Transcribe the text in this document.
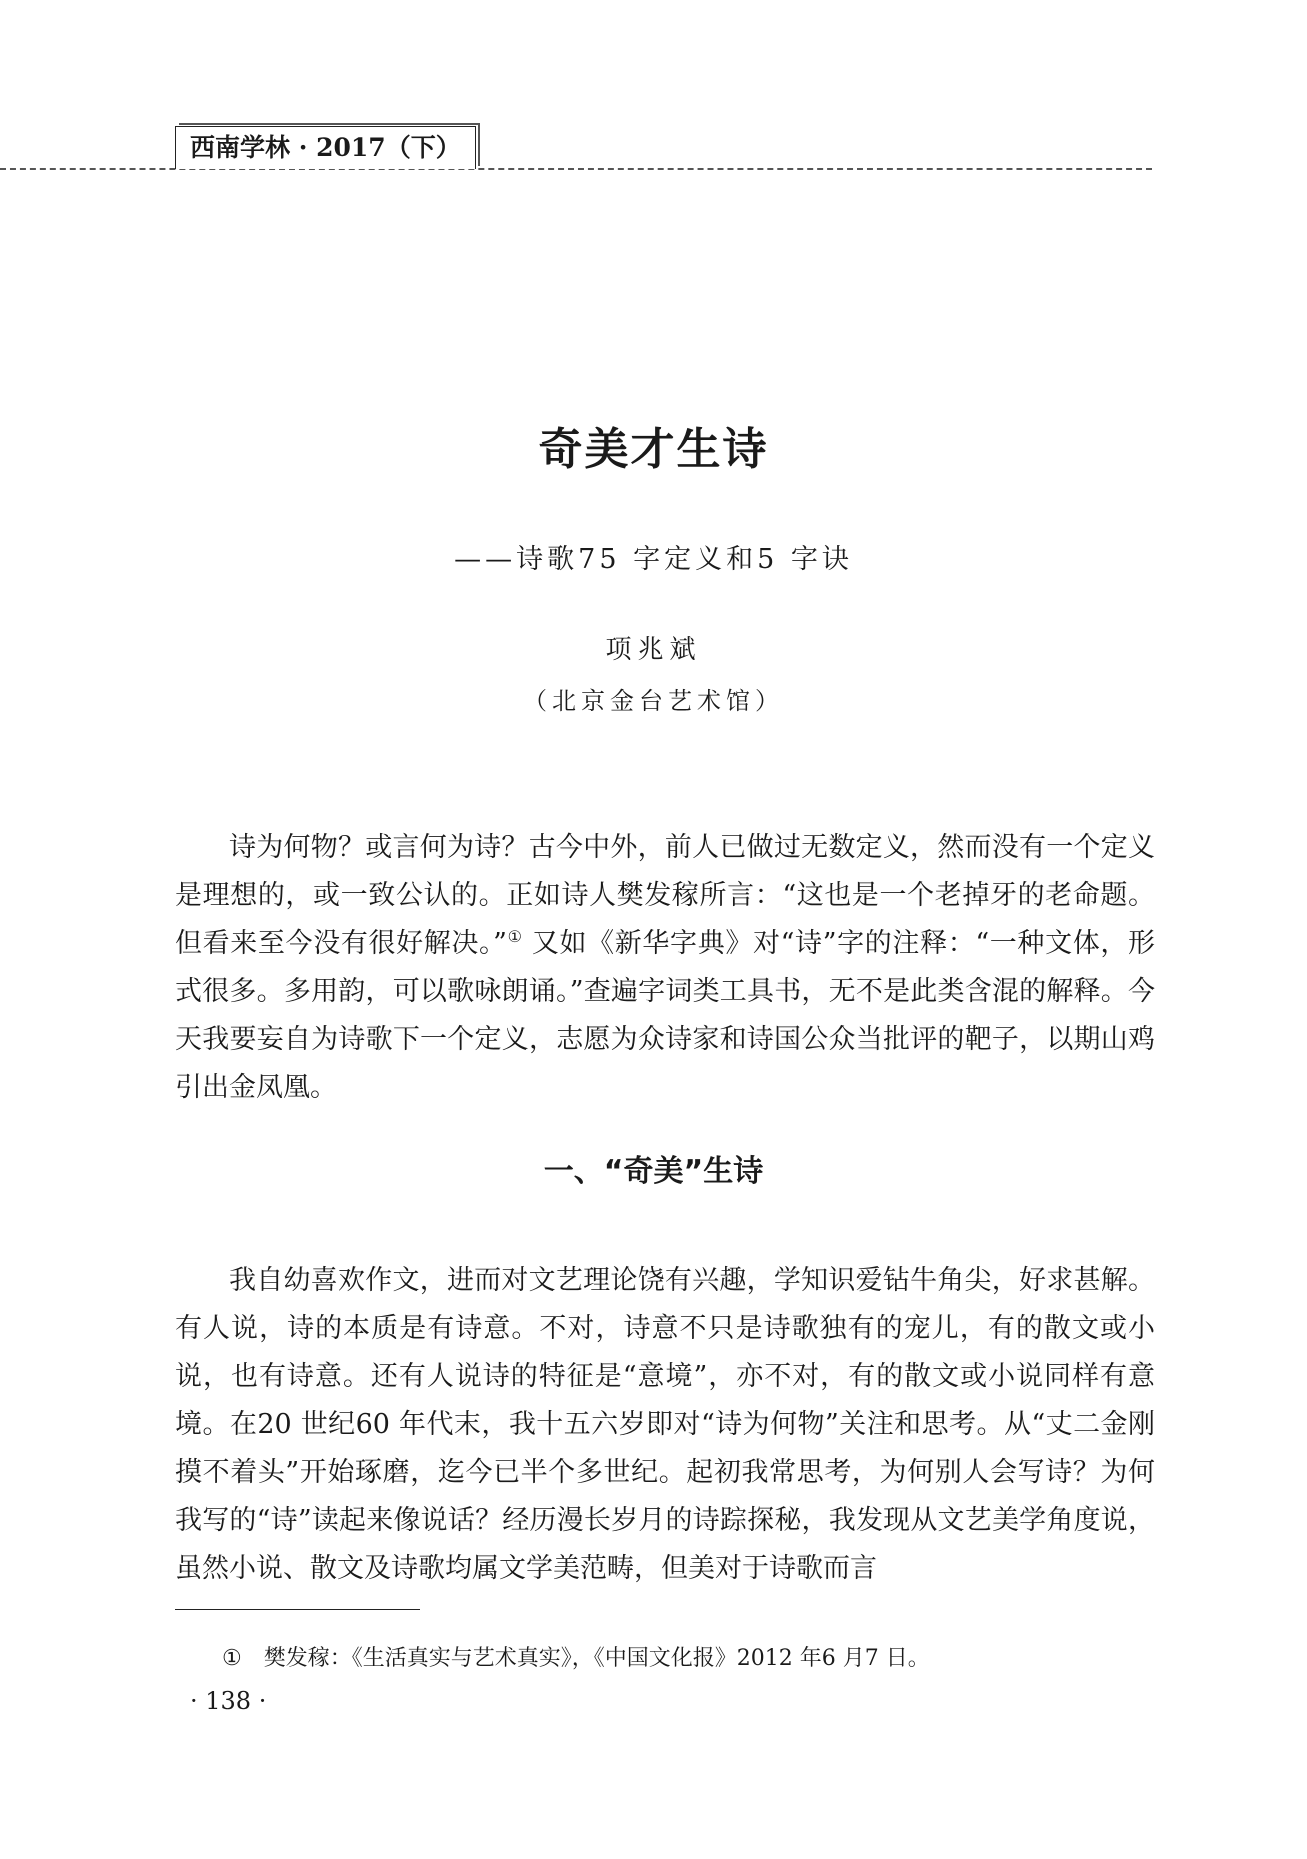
西南学林 · 2017（下）
奇美才生诗
——诗歌75 字定义和5 字诀
项兆斌
（北京金台艺术馆）

诗为何物？或言何为诗？古今中外，前人已做过无数定义，然而没有一个定义是理想的，或一致公认的。正如诗人樊发稼所言：“这也是一个老掉牙的老命题。但看来至今没有很好解决。”① 又如《新华字典》对“诗”字的注释：“一种文体，形式很多。多用韵，可以歌咏朗诵。”查遍字词类工具书，无不是此类含混的解释。今天我要妄自为诗歌下一个定义，志愿为众诗家和诗国公众当批评的靶子，以期山鸡引出金凤凰。

一、“奇美”生诗

我自幼喜欢作文，进而对文艺理论饶有兴趣，学知识爱钻牛角尖，好求甚解。有人说，诗的本质是有诗意。不对，诗意不只是诗歌独有的宠儿，有的散文或小说，也有诗意。还有人说诗的特征是“意境”，亦不对，有的散文或小说同样有意境。在20 世纪60 年代末，我十五六岁即对“诗为何物”关注和思考。从“丈二金刚摸不着头”开始琢磨，迄今已半个多世纪。起初我常思考，为何别人会写诗？为何我写的“诗”读起来像说话？经历漫长岁月的诗踪探秘，我发现从文艺美学角度说，虽然小说、散文及诗歌均属文学美范畴，但美对于诗歌而言

① 樊发稼：《生活真实与艺术真实》，《中国文化报》2012 年6 月7 日。
· 138 ·
